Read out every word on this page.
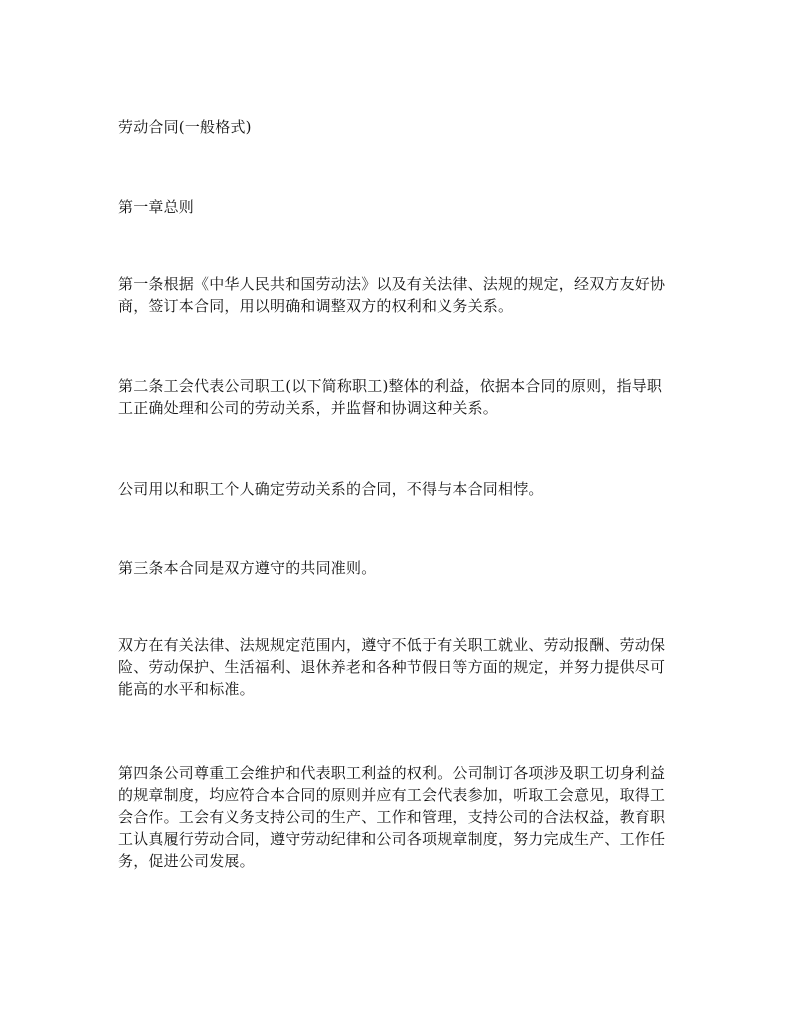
劳动合同(一般格式)

第一章总则

第一条根据《中华人民共和国劳动法》以及有关法律、法规的规定，经双方友好协
商，签订本合同，用以明确和调整双方的权利和义务关系。

第二条工会代表公司职工(以下简称职工)整体的利益，依据本合同的原则，指导职
工正确处理和公司的劳动关系，并监督和协调这种关系。

公司用以和职工个人确定劳动关系的合同，不得与本合同相悖。

第三条本合同是双方遵守的共同准则。

双方在有关法律、法规规定范围内，遵守不低于有关职工就业、劳动报酬、劳动保
险、劳动保护、生活福利、退休养老和各种节假日等方面的规定，并努力提供尽可
能高的水平和标准。

第四条公司尊重工会维护和代表职工利益的权利。公司制订各项涉及职工切身利益
的规章制度，均应符合本合同的原则并应有工会代表参加，听取工会意见，取得工
会合作。工会有义务支持公司的生产、工作和管理，支持公司的合法权益，教育职
工认真履行劳动合同，遵守劳动纪律和公司各项规章制度，努力完成生产、工作任
务，促进公司发展。
